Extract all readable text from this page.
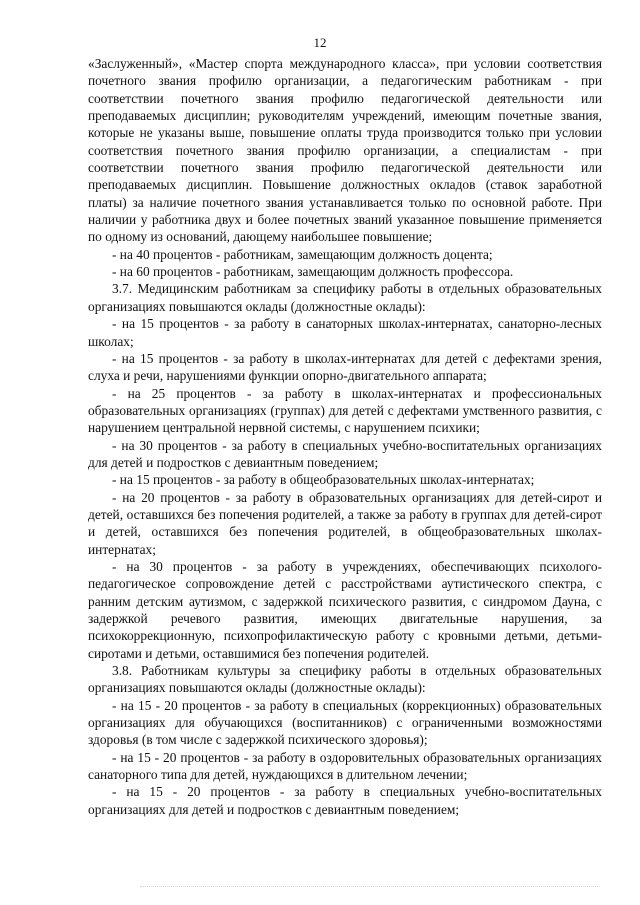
12

«Заслуженный», «Мастер спорта международного класса», при условии соответствия почетного звания профилю организации, а педагогическим работникам - при соответствии почетного звания профилю педагогической деятельности или преподаваемых дисциплин; руководителям учреждений, имеющим почетные звания, которые не указаны выше, повышение оплаты труда производится только при условии соответствия почетного звания профилю организации, а специалистам - при соответствии почетного звания профилю педагогической деятельности или преподаваемых дисциплин. Повышение должностных окладов (ставок заработной платы) за наличие почетного звания устанавливается только по основной работе. При наличии у работника двух и более почетных званий указанное повышение применяется по одному из оснований, дающему наибольшее повышение;

- на 40 процентов - работникам, замещающим должность доцента;

- на 60 процентов - работникам, замещающим должность профессора.

3.7. Медицинским работникам за специфику работы в отдельных образовательных организациях повышаются оклады (должностные оклады):

- на 15 процентов - за работу в санаторных школах-интернатах, санаторно-лесных школах;

- на 15 процентов - за работу в школах-интернатах для детей с дефектами зрения, слуха и речи, нарушениями функции опорно-двигательного аппарата;

- на 25 процентов - за работу в школах-интернатах и профессиональных образовательных организациях (группах) для детей с дефектами умственного развития, с нарушением центральной нервной системы, с нарушением психики;

- на 30 процентов - за работу в специальных учебно-воспитательных организациях для детей и подростков с девиантным поведением;

- на 15 процентов - за работу в общеобразовательных школах-интернатах;

- на 20 процентов - за работу в образовательных организациях для детей-сирот и детей, оставшихся без попечения родителей, а также за работу в группах для детей-сирот и детей, оставшихся без попечения родителей, в общеобразовательных школах-интернатах;

- на 30 процентов - за работу в учреждениях, обеспечивающих психолого-педагогическое сопровождение детей с расстройствами аутистического спектра, с ранним детским аутизмом, с задержкой психического развития, с синдромом Дауна, с задержкой речевого развития, имеющих двигательные нарушения, за психокоррекционную, психопрофилактическую работу с кровными детьми, детьми-сиротами и детьми, оставшимися без попечения родителей.

3.8. Работникам культуры за специфику работы в отдельных образовательных организациях повышаются оклады (должностные оклады):

- на 15 - 20 процентов - за работу в специальных (коррекционных) образовательных организациях для обучающихся (воспитанников) с ограниченными возможностями здоровья (в том числе с задержкой психического здоровья);

- на 15 - 20 процентов - за работу в оздоровительных образовательных организациях санаторного типа для детей, нуждающихся в длительном лечении;

- на 15 - 20 процентов - за работу в специальных учебно-воспитательных организациях для детей и подростков с девиантным поведением;
